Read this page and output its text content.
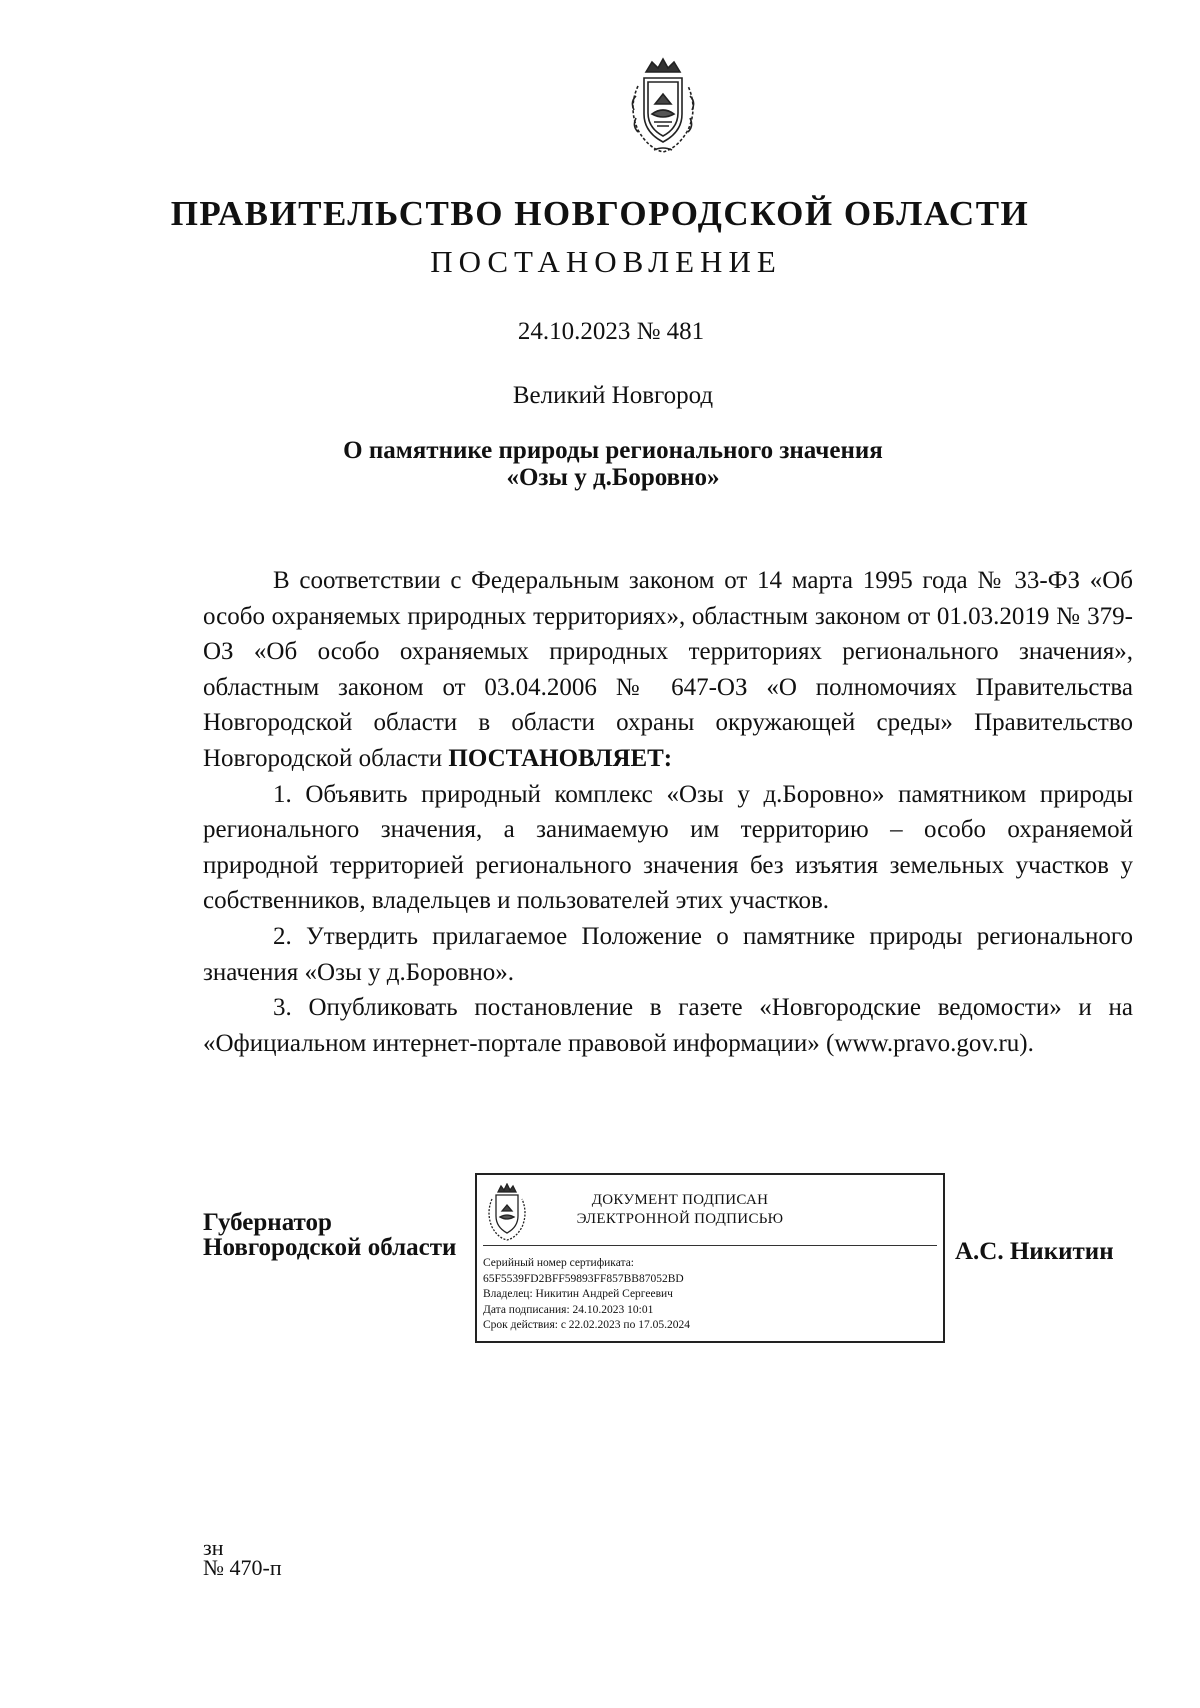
ПРАВИТЕЛЬСТВО НОВГОРОДСКОЙ ОБЛАСТИ
ПОСТАНОВЛЕНИЕ
24.10.2023 № 481
Великий Новгород
О памятнике природы регионального значения
«Озы у д.Боровно»

В соответствии с Федеральным законом от 14 марта 1995 года № 33-ФЗ «Об особо охраняемых природных территориях», областным законом от 01.03.2019 № 379-ОЗ «Об особо охраняемых природных территориях регионального значения», областным законом от 03.04.2006 № 647-ОЗ «О полномочиях Правительства Новгородской области в области охраны окружающей среды» Правительство Новгородской области ПОСТАНОВЛЯЕТ:

1. Объявить природный комплекс «Озы у д.Боровно» памятником природы регионального значения, а занимаемую им территорию – особо охраняемой природной территорией регионального значения без изъятия земельных участков у собственников, владельцев и пользователей этих участков.

2. Утвердить прилагаемое Положение о памятнике природы регионального значения «Озы у д.Боровно».

3. Опубликовать постановление в газете «Новгородские ведомости» и на «Официальном интернет-портале правовой информации» (www.pravo.gov.ru).

Губернатор
Новгородской области
ДОКУМЕНТ ПОДПИСАН
ЭЛЕКТРОННОЙ ПОДПИСЬЮ
Серийный номер сертификата:
65F5539FD2BFF59893FF857BB87052BD
Владелец: Никитин Андрей Сергеевич
Дата подписания: 24.10.2023 10:01
Срок действия: с 22.02.2023 по 17.05.2024
А.С. Никитин
зн
№ 470-п
